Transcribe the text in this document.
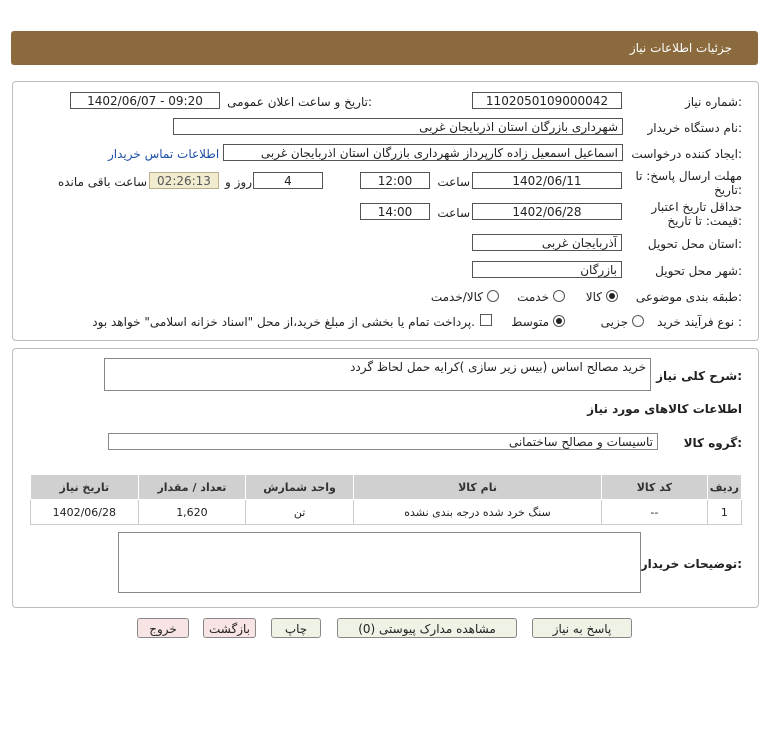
جزئیات اطلاعات نیاز
شماره نیاز:
1102050109000042
تاریخ و ساعت اعلان عمومی:
1402/06/07 - 09:20
نام دستگاه خریدار:
شهرداری بازرگان استان اذربایجان غربی
ایجاد کننده درخواست:
اسماعیل اسمعیل زاده کارپرداز شهرداری بازرگان استان اذربایجان غربی
اطلاعات تماس خریدار
مهلت ارسال پاسخ: تا
تاریخ:
1402/06/11
ساعت
12:00
4
روز و
02:26:13
ساعت باقی مانده
حداقل تاریخ اعتبار
قیمت: تا تاریخ:
1402/06/28
ساعت
14:00
استان محل تحویل:
آذربایجان غربی
شهر محل تحویل:
بازرگان
طبقه بندی موضوعی:
کالا
خدمت
کالا/خدمت
نوع فرآیند خرید :
جزیی
متوسط
پرداخت تمام یا بخشی از مبلغ خرید،از محل "اسناد خزانه اسلامی" خواهد بود.
شرح کلی نیاز:
خرید مصالح اساس (بیس زیر سازی )کرایه حمل لحاظ گردد
اطلاعات کالاهای مورد نیاز
گروه کالا:
تاسیسات و مصالح ساختمانی
تاریخ نیاز	تعداد / مقدار	واحد شمارش	نام کالا	کد کالا	ردیف
1402/06/28	1,620	تن	سنگ خرد شده درجه بندی نشده	--	1
توضیحات خریدار:
پاسخ به نیاز
مشاهده مدارک پیوستی (0)
چاپ
بازگشت
خروج
